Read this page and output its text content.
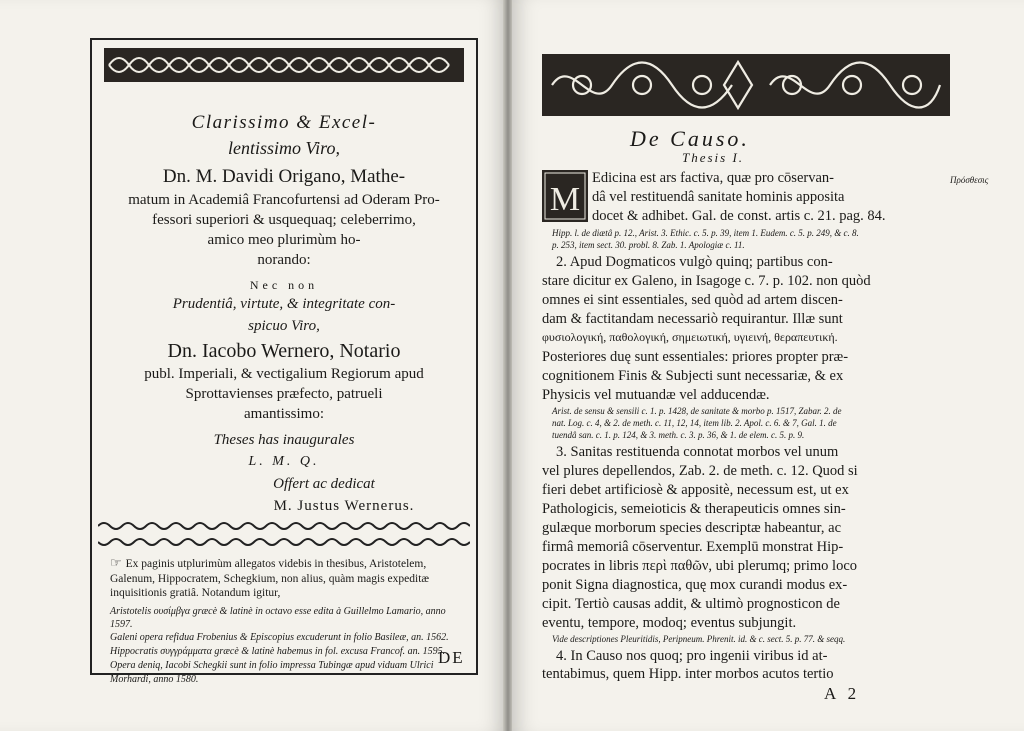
Clarissimo & Excel-
lentissimo Viro,
Dn. M. Davidi Origano, Mathe-
matum in Academiâ Francofurtensi ad Oderam Pro-
fessori superiori & usquequaq; celeberrimo,
amico meo plurimùm ho-
norando:
Nec non
Prudentiâ, virtute, & integritate con-
spicuo Viro,
Dn. Iacobo Wernero, Notario
publ. Imperiali, & vectigalium Regiorum apud
Sprottavienses præfecto, patrueli
amantissimo:
Theses has inaugurales
L. M. Q.
Offert ac dedicat
M. Justus Wernerus.
☞ Ex paginis utplurimùm allegatos videbis in thesibus, Aristotelem, Galenum, Hippocratem, Schegkium, non alius, quàm magis expeditæ inquisitionis gratiâ. Notandum igitur,
Aristotelis ουσίμβγα græcè & latinè in octavo esse edita à Guillelmo Lamario, anno 1597.
Galeni opera refidua Frobenius & Episcopius excuderunt in folio Basileæ, an. 1562.
Hippocratis συγγράμματα græcè & latinè habemus in fol. excusa Francof. an. 1595.
Opera deniq, Iacobi Schegkii sunt in folio impressa Tubingæ apud viduam Ulrici
Morhardi, anno 1580.
DE
De Causo.
Thesis I.
M
Πρόσθεσις
Edicina est ars factiva, quæ pro cōservan-
dâ vel restituendâ sanitate hominis apposita
docet & adhibet. Gal. de const. artis c. 21. pag. 84.
Hipp. l. de diætâ p. 12., Arist. 3. Ethic. c. 5. p. 39, item 1. Eudem. c. 5. p. 249, & c. 8.
p. 253, item sect. 30. probl. 8. Zab. 1. Apologiæ c. 11.
2. Apud Dogmaticos vulgò quinq; partibus con-
stare dicitur ex Galeno, in Isagoge c. 7. p. 102. non quòd
omnes ei sint essentiales, sed quòd ad artem discen-
dam & factitandam necessariò requirantur. Illæ sunt
φυσιολογική, παθολογική, σημειωτική, υγιεινή, θεραπευτική.
Posteriores duę sunt essentiales: priores propter præ-
cognitionem Finis & Subjecti sunt necessariæ, & ex
Physicis vel mutuandæ vel adducendæ.
Arist. de sensu & sensili c. 1. p. 1428, de sanitate & morbo p. 1517, Zabar. 2. de
nat. Log. c. 4, & 2. de meth. c. 11, 12, 14, item lib. 2. Apol. c. 6. & 7, Gal. 1. de
tuendâ san. c. 1. p. 124, & 3. meth. c. 3. p. 36, & 1. de elem. c. 5. p. 9.
3. Sanitas restituenda connotat morbos vel unum
vel plures depellendos, Zab. 2. de meth. c. 12. Quod si
fieri debet artificiosè & appositè, necessum est, ut ex
Pathologicis, semeioticis & therapeuticis omnes sin-
gulæque morborum species descriptæ habeantur, ac
firmâ memoriâ cōserventur. Exemplū monstrat Hip-
pocrates in libris περὶ παθῶν, ubi plerumq; primo loco
ponit Signa diagnostica, quę mox curandi modus ex-
cipit. Tertiò causas addit, & ultimò prognosticon de
eventu, tempore, modoq; eventus subjungit.
Vide descriptiones Pleuritidis, Peripneum. Phrenit. id. & c. sect. 5. p. 77. & seqq.
4. In Causo nos quoq; pro ingenii viribus id at-
tentabimus, quem Hipp. inter morbos acutos tertio
A 2
